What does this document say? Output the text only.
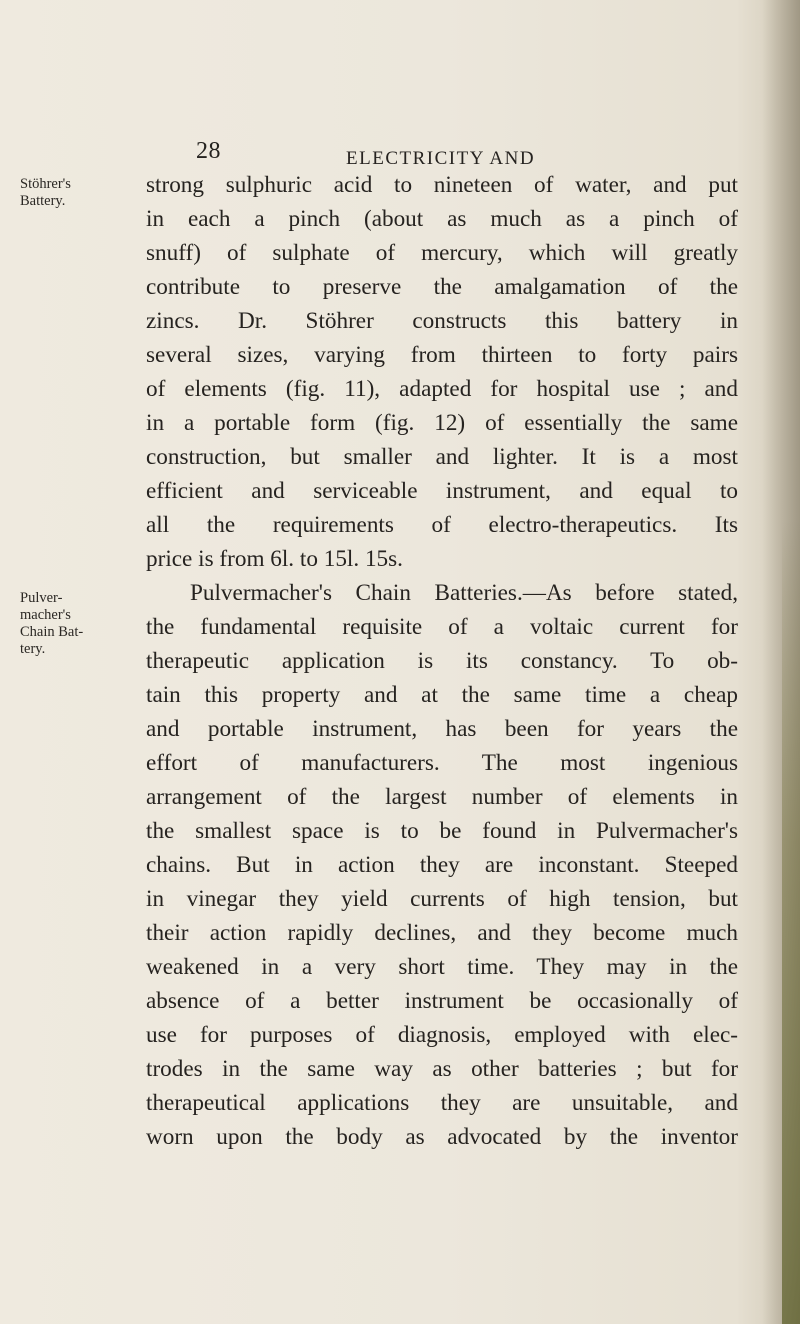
28	ELECTRICITY AND
Stöhrer's
Battery.
Pulver-
macher's
Chain Bat-
tery.
strong sulphuric acid to nineteen of water, and put
in each a pinch (about as much as a pinch of
snuff) of sulphate of mercury, which will greatly
contribute to preserve the amalgamation of the
zincs. Dr. Stöhrer constructs this battery in
several sizes, varying from thirteen to forty pairs
of elements (fig. 11), adapted for hospital use ; and
in a portable form (fig. 12) of essentially the same
construction, but smaller and lighter. It is a most
efficient and serviceable instrument, and equal to
all the requirements of electro-therapeutics. Its
price is from 6l. to 15l. 15s.
Pulvermacher's Chain Batteries.—As before stated,
the fundamental requisite of a voltaic current for
therapeutic application is its constancy. To ob-
tain this property and at the same time a cheap
and portable instrument, has been for years the
effort of manufacturers. The most ingenious
arrangement of the largest number of elements in
the smallest space is to be found in Pulvermacher's
chains. But in action they are inconstant. Steeped
in vinegar they yield currents of high tension, but
their action rapidly declines, and they become much
weakened in a very short time. They may in the
absence of a better instrument be occasionally of
use for purposes of diagnosis, employed with elec-
trodes in the same way as other batteries ; but for
therapeutical applications they are unsuitable, and
worn upon the body as advocated by the inventor
